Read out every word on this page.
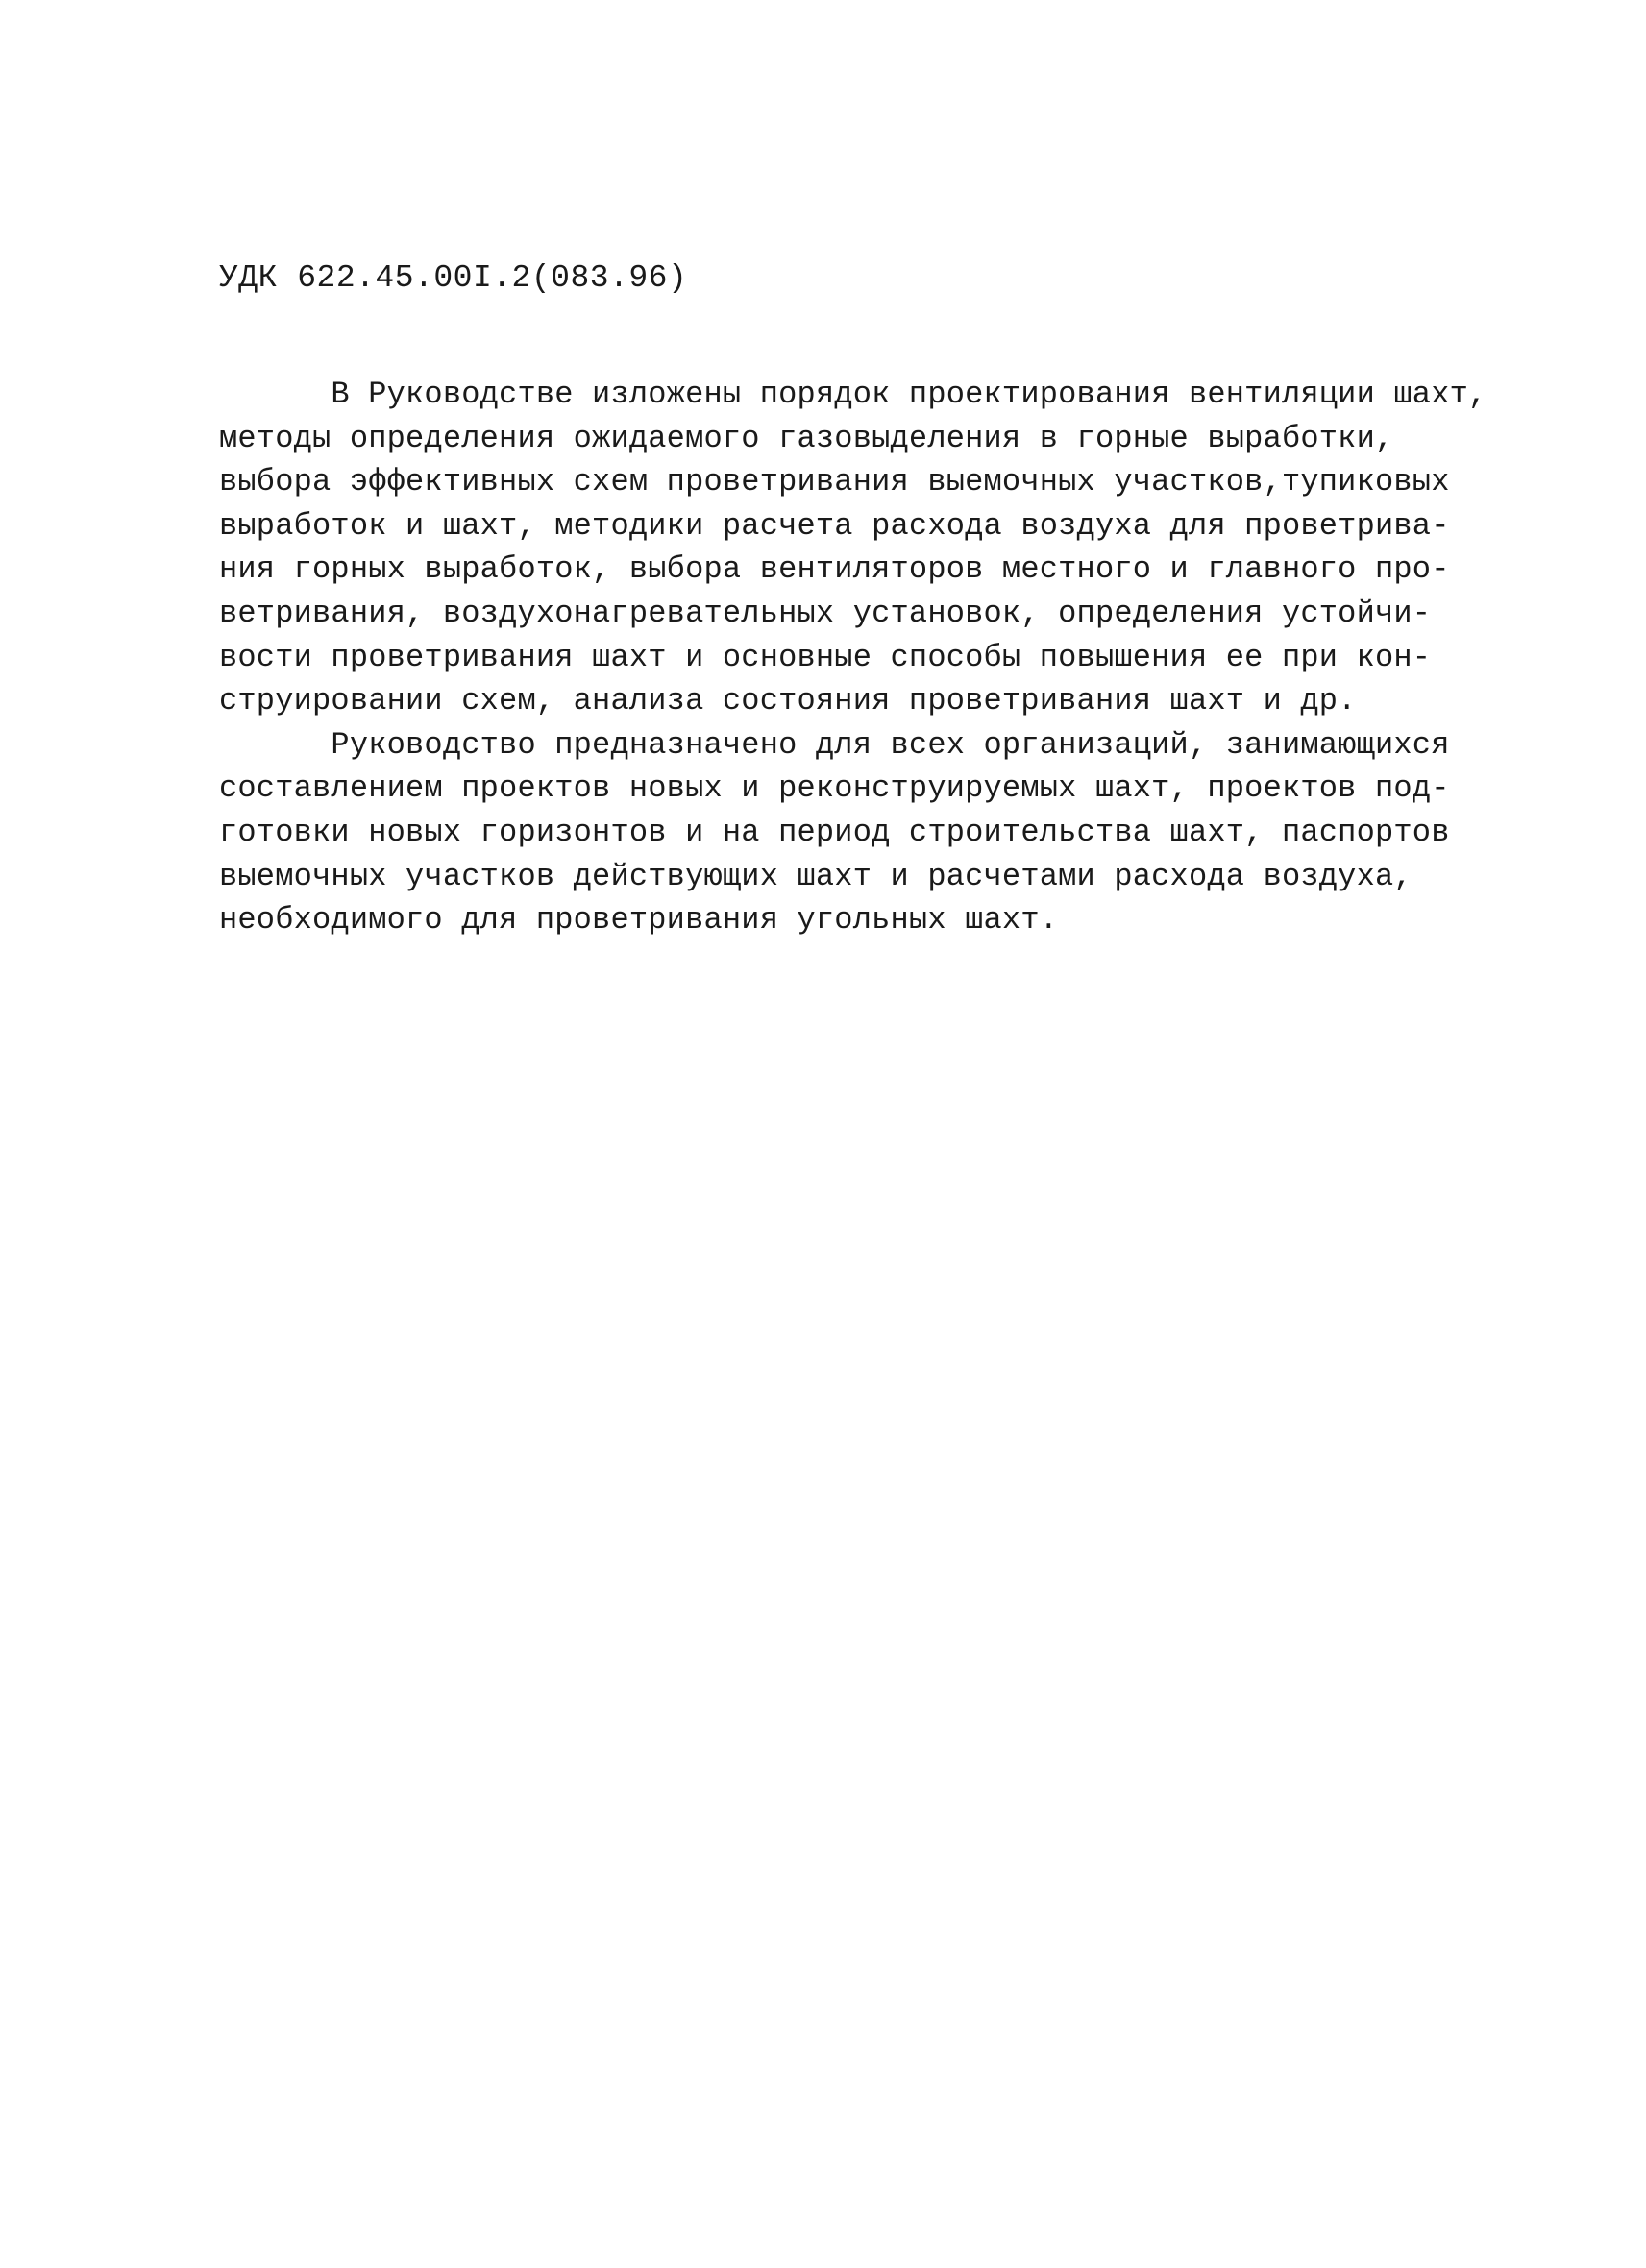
УДК 622.45.00I.2(083.96)
В Руководстве изложены порядок проектирования вентиляции шахт,
методы определения ожидаемого газовыделения в горные выработки,
выбора эффективных схем проветривания выемочных участков,тупиковых
выработок и шахт, методики расчета расхода воздуха для проветрива-
ния горных выработок, выбора вентиляторов местного и главного про-
ветривания, воздухонагревательных установок, определения устойчи-
вости проветривания шахт и основные способы повышения ее при кон-
струировании схем, анализа состояния проветривания шахт и др.
Руководство предназначено для всех организаций, занимающихся
составлением проектов новых и реконструируемых шахт, проектов под-
готовки новых горизонтов и на период строительства шахт, паспортов
выемочных участков действующих шахт и расчетами расхода воздуха,
необходимого для проветривания угольных шахт.
